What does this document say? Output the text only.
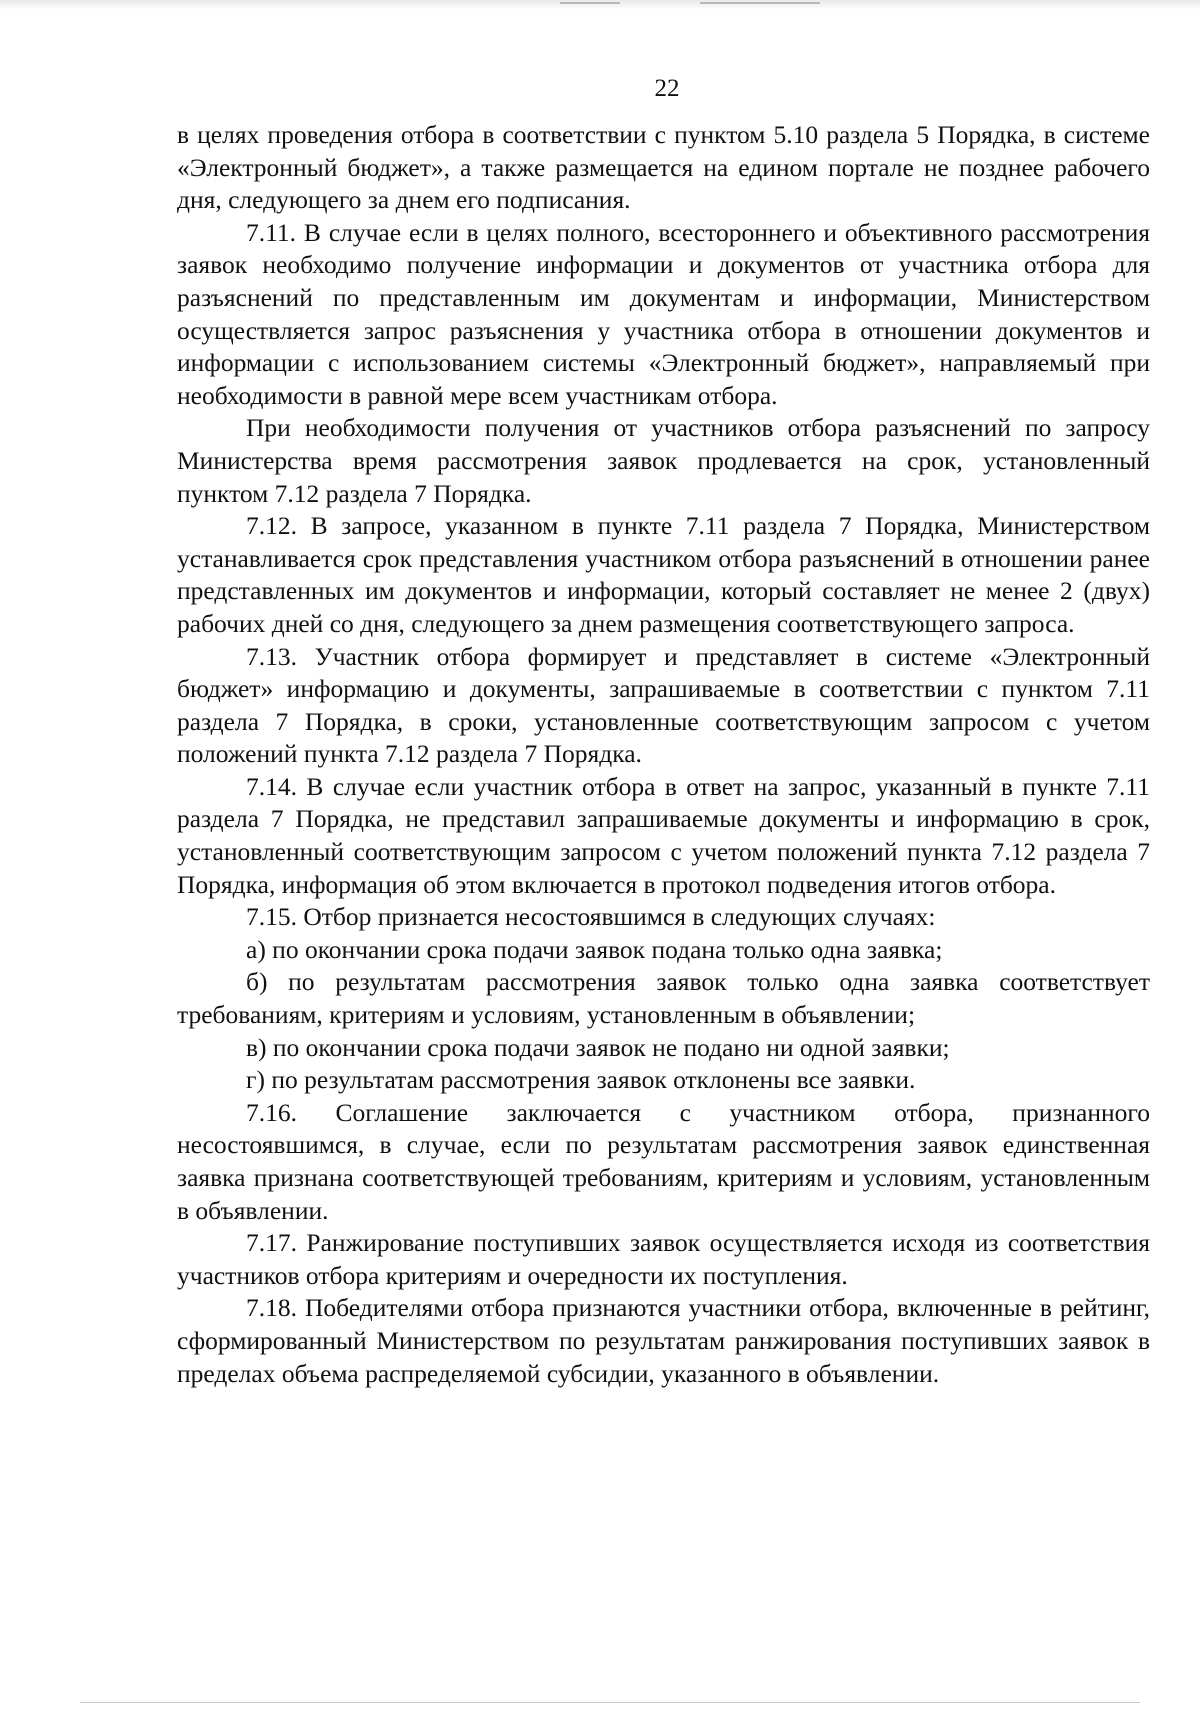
22

в целях проведения отбора в соответствии с пунктом 5.10 раздела 5 Порядка, в системе «Электронный бюджет», а также размещается на едином портале не позднее рабочего дня, следующего за днем его подписания.

7.11. В случае если в целях полного, всестороннего и объективного рассмотрения заявок необходимо получение информации и документов от участника отбора для разъяснений по представленным им документам и информации, Министерством осуществляется запрос разъяснения у участника отбора в отношении документов и информации с использованием системы «Электронный бюджет», направляемый при необходимости в равной мере всем участникам отбора.

При необходимости получения от участников отбора разъяснений по запросу Министерства время рассмотрения заявок продлевается на срок, установленный пунктом 7.12 раздела 7 Порядка.

7.12. В запросе, указанном в пункте 7.11 раздела 7 Порядка, Министерством устанавливается срок представления участником отбора разъяснений в отношении ранее представленных им документов и информации, который составляет не менее 2 (двух) рабочих дней со дня, следующего за днем размещения соответствующего запроса.

7.13. Участник отбора формирует и представляет в системе «Электронный бюджет» информацию и документы, запрашиваемые в соответствии с пунктом 7.11 раздела 7 Порядка, в сроки, установленные соответствующим запросом с учетом положений пункта 7.12 раздела 7 Порядка.

7.14. В случае если участник отбора в ответ на запрос, указанный в пункте 7.11 раздела 7 Порядка, не представил запрашиваемые документы и информацию в срок, установленный соответствующим запросом с учетом положений пункта 7.12 раздела 7 Порядка, информация об этом включается в протокол подведения итогов отбора.

7.15. Отбор признается несостоявшимся в следующих случаях:

а) по окончании срока подачи заявок подана только одна заявка;

б) по результатам рассмотрения заявок только одна заявка соответствует требованиям, критериям и условиям, установленным в объявлении;

в) по окончании срока подачи заявок не подано ни одной заявки;

г) по результатам рассмотрения заявок отклонены все заявки.

7.16. Соглашение заключается с участником отбора, признанного несостоявшимся, в случае, если по результатам рассмотрения заявок единственная заявка признана соответствующей требованиям, критериям и условиям, установленным в объявлении.

7.17. Ранжирование поступивших заявок осуществляется исходя из соответствия участников отбора критериям и очередности их поступления.

7.18. Победителями отбора признаются участники отбора, включенные в рейтинг, сформированный Министерством по результатам ранжирования поступивших заявок в пределах объема распределяемой субсидии, указанного в объявлении.
